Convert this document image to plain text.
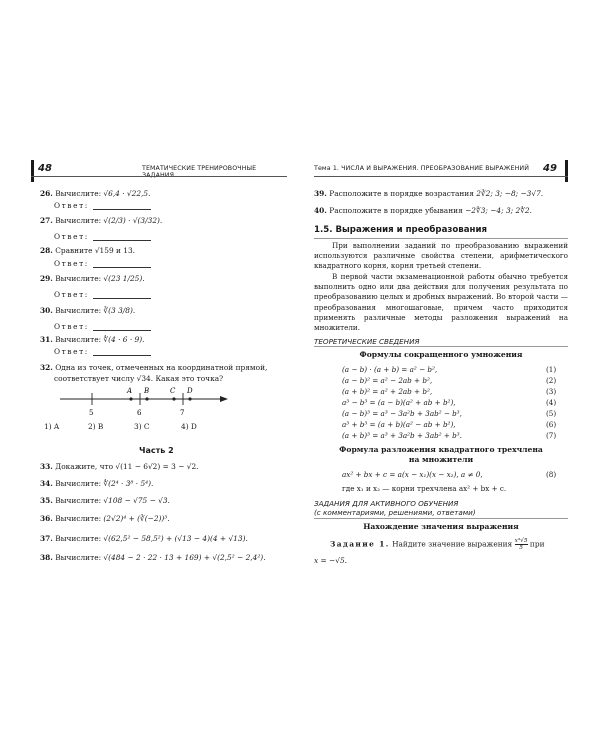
48	ТЕМАТИЧЕСКИЕ ТРЕНИРОВОЧНЫЕ	Тема 1. ЧИСЛА И ВЫРАЖЕНИЯ. ПРЕОБРАЗОВАНИЕ ВЫРАЖЕНИЙ 49
26. Вычислите: √6,4 · √22,5.
Ответ:
27. Вычислите: √(2/3) · √(3/32).
Ответ:
28. Сравните √159 и 13.
Ответ:
29. Вычислите: √(23 1/25).
Ответ:
30. Вычислите: ∛(3 3/8).
Ответ:
31. Вычислите: ∜(4 · 6 · 9).
Ответ:
32. Одна из точек, отмеченных на координатной прямой,
соответствует числу √34. Какая это точка?
A B	C D
5	6	7
1) A	2) B	3) C	4) D
Часть 2
33. Докажите, что √(11 − 6√2) = 3 − √2.
34. Вычислите: ∜(2⁴ · 3⁸ · 5⁴).
35. Вычислите: √108 − √75 − √3.
36. Вычислите: (2√2)⁴ + (∛(−2))³.
37. Вычислите: √(62,5² − 58,5²) + (√13 − 4)(4 + √13).
38. Вычислите: √(484 − 2 · 22 · 13 + 169) + √(2,5² − 2,4²).
39. Расположите в порядке возрастания 2∛2; 3; −8; −3√7.
40. Расположите в порядке убывания −2∜3; −4; 3; 2∜2.
1.5. Выражения и преобразования
При выполнении заданий по преобразованию выражений используются различные свойства степени, арифметического квадратного корня, корня третьей степени.
В первой части экзаменационной работы обычно требуется выполнить одно или два действия для получения результата по преобразованию целых и дробных выражений. Во второй части — преобразования многошаговые, причем часто приходится применять различные методы разложения выражений на множители.
ТЕОРЕТИЧЕСКИЕ СВЕДЕНИЯ
Формулы сокращенного умножения
(a − b) · (a + b) = a² − b²,	(1)
(a − b)² = a² − 2ab + b²,	(2)
(a + b)² = a² + 2ab + b²,	(3)
a³ − b³ = (a − b)(a² + ab + b²),	(4)
(a − b)³ = a³ − 3a²b + 3ab² − b³,	(5)
a³ + b³ = (a + b)(a² − ab + b²),	(6)
(a + b)³ = a³ + 3a²b + 3ab² + b³.	(7)
Формула разложения квадратного трехчлена
на множители
ax² + bx + c = a(x − x₁)(x − x₂), a ≠ 0,	(8)
где x₁ и x₂ — корни трехчлена ax² + bx + c.
ЗАДАНИЯ ДЛЯ АКТИВНОГО ОБУЧЕНИЯ
(с комментариями, решениями, ответами)
Нахождение значения выражения
Задание 1. Найдите значение выражения $\frac{\text{x³√5}}{5}$ при
x = −√5.
